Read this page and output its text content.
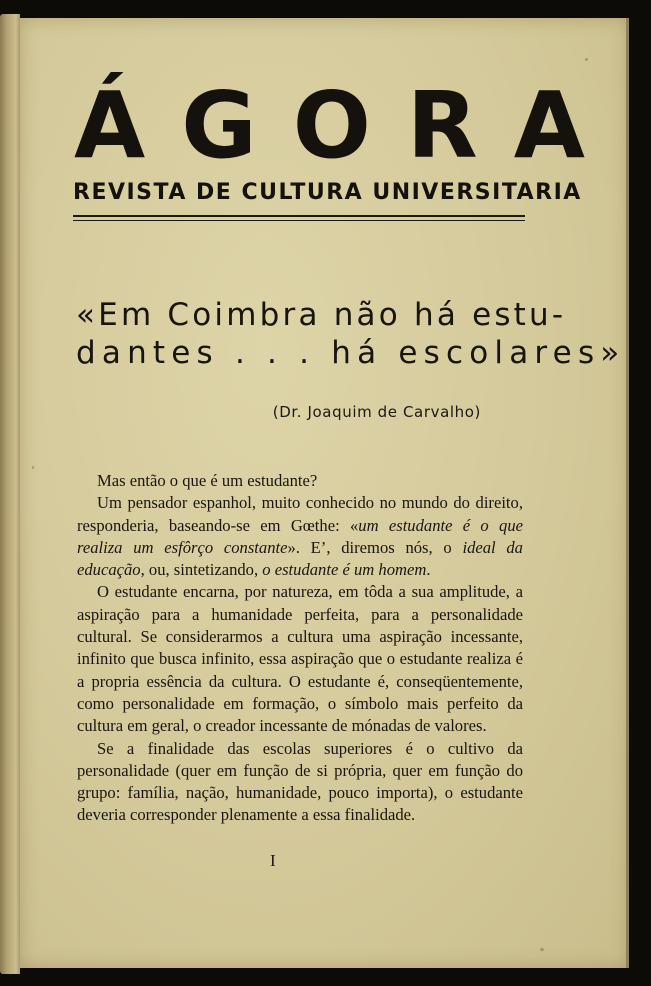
ÁGORA
REVISTA DE CULTURA UNIVERSITARIA
«Em Coimbra não há estu-
dantes . . . há escolares»
(Dr. Joaquim de Carvalho)

Mas então o que é um estudante?

Um pensador espanhol, muito conhecido no mundo do direito, responderia, baseando-se em Gœthe: «um estudante é o que realiza um esfôrço constante». E’, diremos nós, o ideal da educação, ou, sintetizando, o estudante é um homem.

O estudante encarna, por natureza, em tôda a sua amplitude, a aspiração para a humanidade perfeita, para a personalidade cultural. Se considerarmos a cultura uma aspiração incessante, infinito que busca infinito, essa aspiração que o estudante realiza é a propria essência da cultura. O estudante é, conseqüentemente, como personalidade em formação, o símbolo mais perfeito da cultura em geral, o creador incessante de mónadas de valores.

Se a finalidade das escolas superiores é o cultivo da personalidade (quer em função de si própria, quer em função do grupo: família, nação, humanidade, pouco importa), o estudante deveria corresponder plenamente a essa finalidade.

I
